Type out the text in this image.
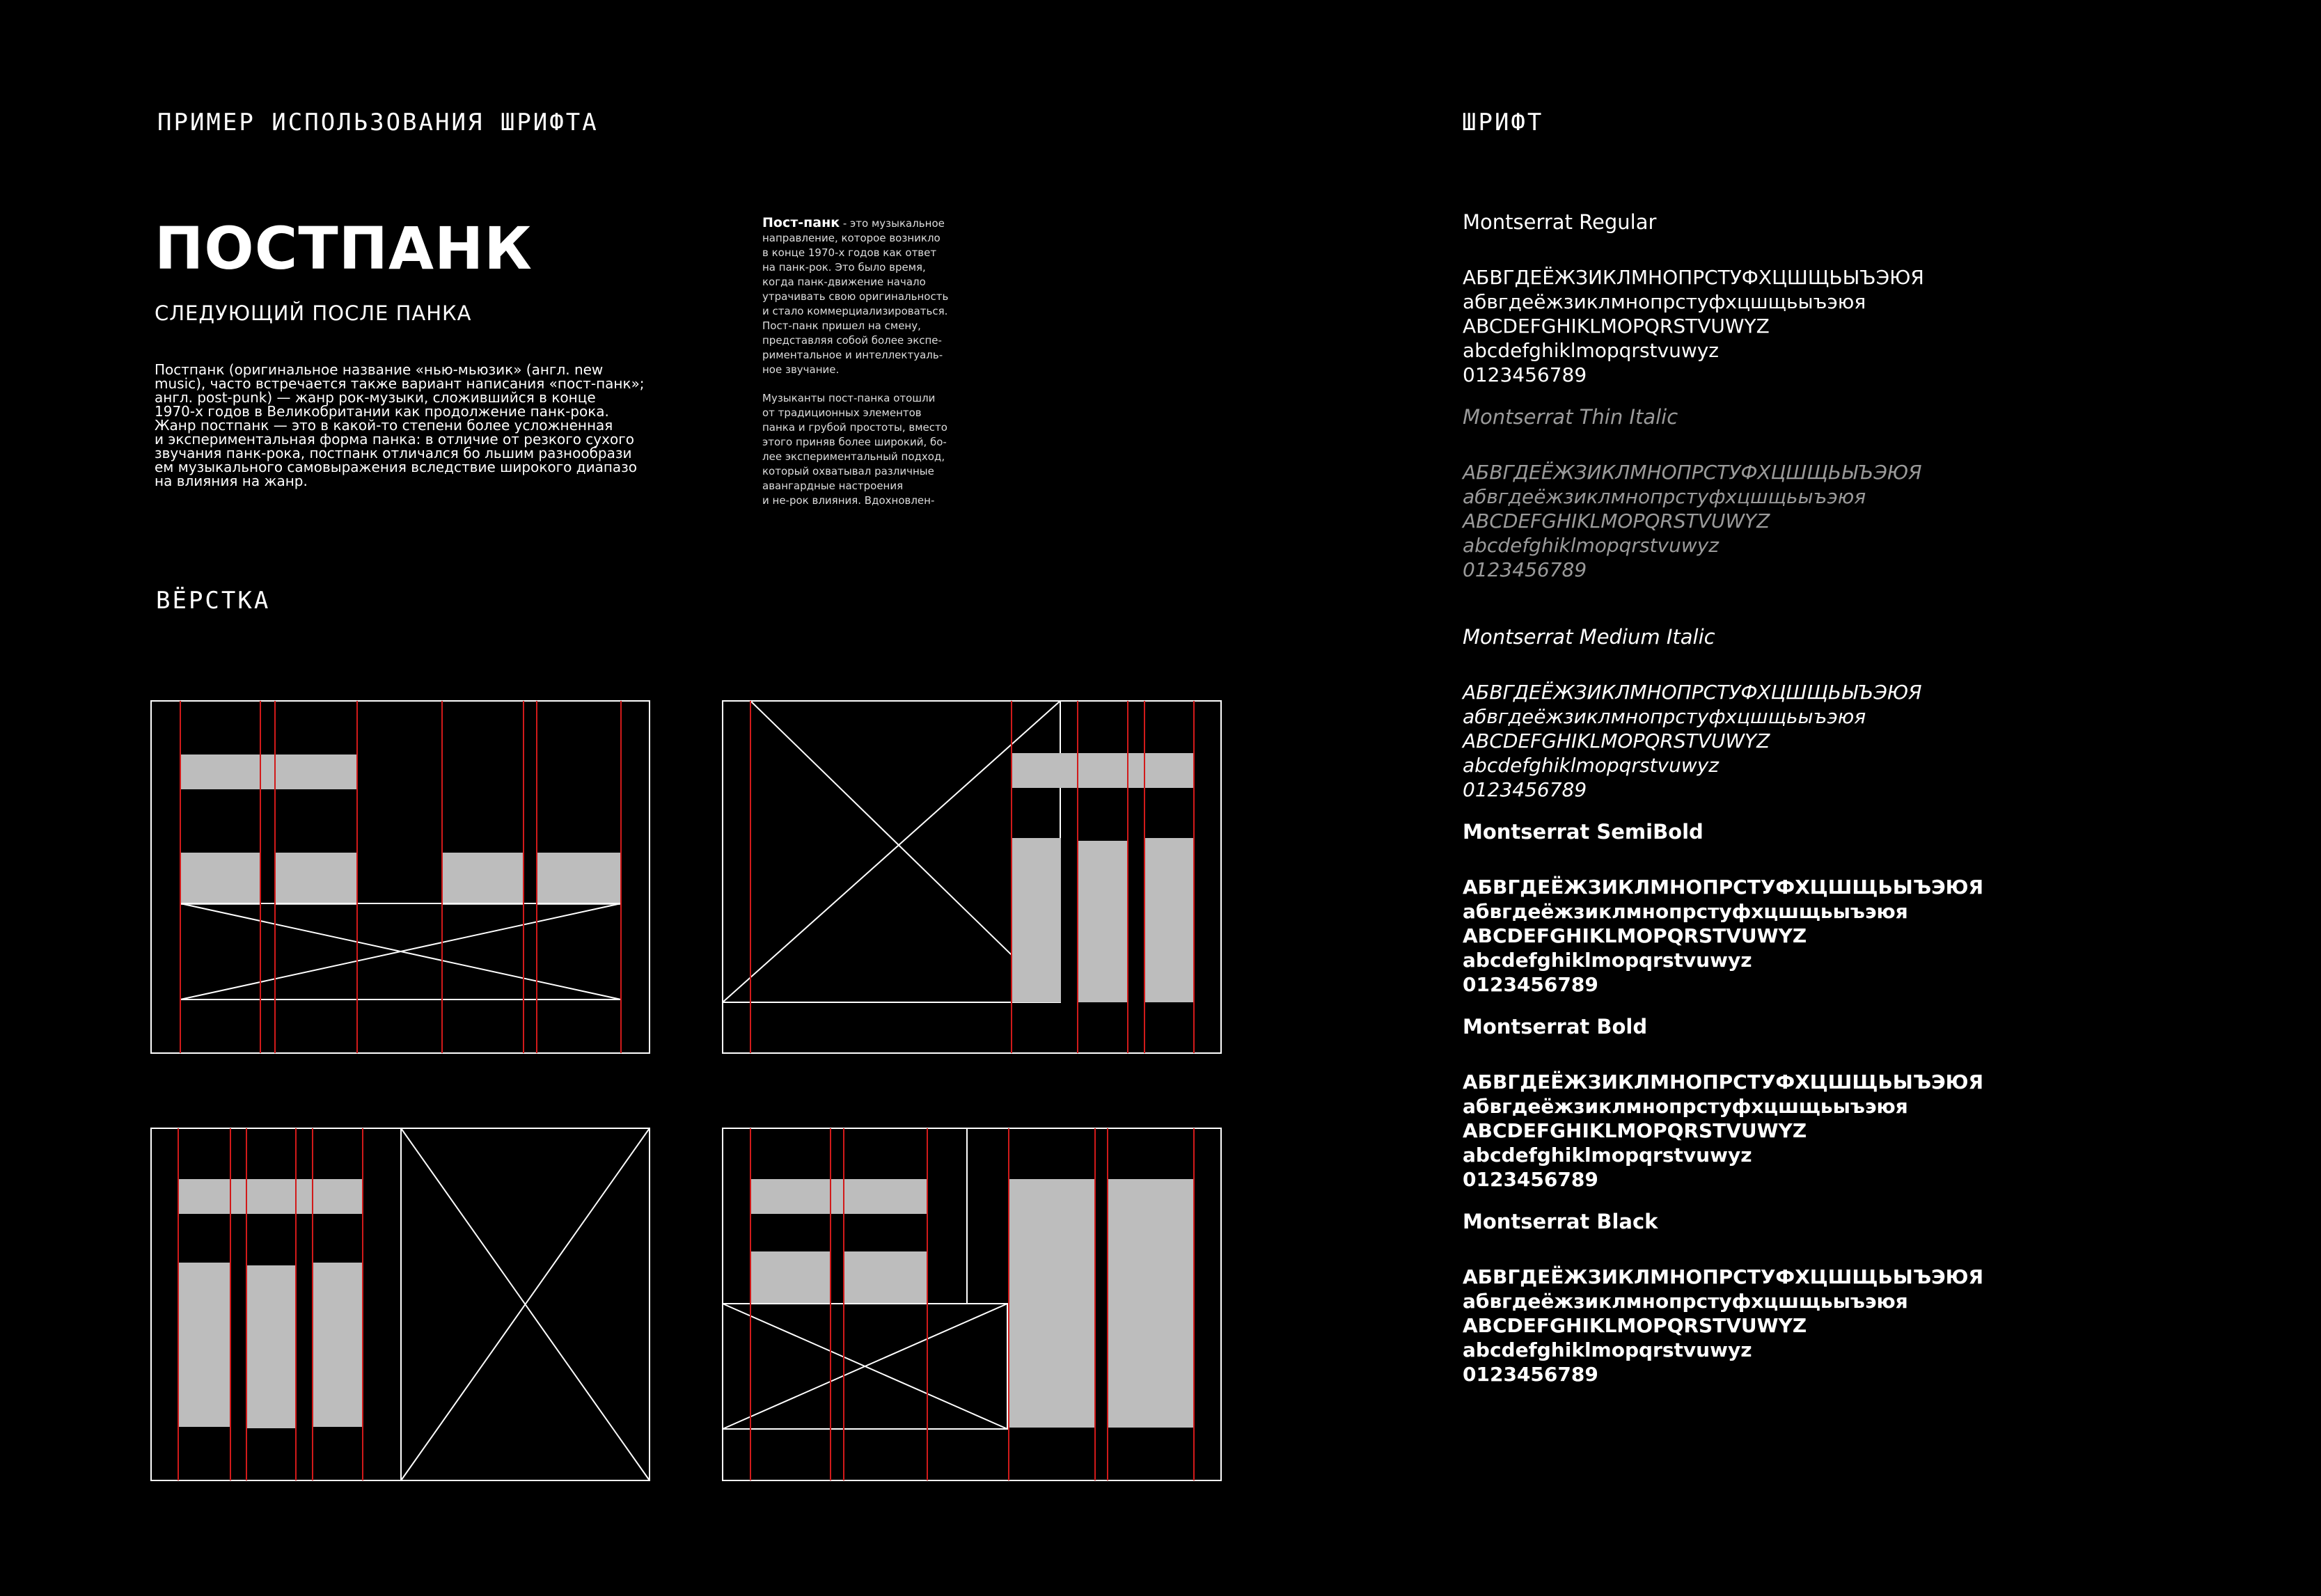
ПРИМЕР ИСПОЛЬЗОВАНИЯ ШРИФТА	ШРИФТ
ВЁРСТКА
ПОСТПАНК
СЛЕДУЮЩИЙ ПОСЛЕ ПАНКА
Постпанк (оригинальное название «нью-мьюзик» (англ. new
music), часто встречается также вариант написания «пост-панк»;
англ. post-punk) — жанр рок-музыки, сложившийся в конце
1970-х годов в Великобритании как продолжение панк-рока.
Жанр постпанк — это в какой-то степени более усложненная
и экспериментальная форма панка: в отличие от резкого сухого
звучания панк-рока, постпанк отличался бо льшим разнообрази
ем музыкального самовыражения вследствие широкого диапазо
на влияния на жанр.
Пост-панк - это музыкальное
направление, которое возникло
в конце 1970-х годов как ответ
на панк-рок. Это было время,
когда панк-движение начало
утрачивать свою оригинальность
и стало коммерциализироваться.
Пост-панк пришел на смену,
представляя собой более экспе-
риментальное и интеллектуаль-
ное звучание.
Музыканты пост-панка отошли
от традиционных элементов
панка и грубой простоты, вместо
этого приняв более широкий, бо-
лее экспериментальный подход,
который охватывал различные
авангардные настроения
и не-рок влияния. Вдохновлен-
Montserrat Regular
АБВГДЕЁЖЗИКЛМНОПРСТУФХЦШЩЬЫЪЭЮЯ
абвгдеёжзиклмнопрстуфхцшщьыъэюя
ABCDEFGHIKLMOPQRSTVUWYZ
abcdefghiklmopqrstvuwyz
0123456789
Montserrat Thin Italic
АБВГДЕЁЖЗИКЛМНОПРСТУФХЦШЩЬЫЪЭЮЯ
абвгдеёжзиклмнопрстуфхцшщьыъэюя
ABCDEFGHIKLMOPQRSTVUWYZ
abcdefghiklmopqrstvuwyz
0123456789
Montserrat Medium Italic
АБВГДЕЁЖЗИКЛМНОПРСТУФХЦШЩЬЫЪЭЮЯ
абвгдеёжзиклмнопрстуфхцшщьыъэюя
ABCDEFGHIKLMOPQRSTVUWYZ
abcdefghiklmopqrstvuwyz
0123456789
Montserrat SemiBold
АБВГДЕЁЖЗИКЛМНОПРСТУФХЦШЩЬЫЪЭЮЯ
абвгдеёжзиклмнопрстуфхцшщьыъэюя
ABCDEFGHIKLMOPQRSTVUWYZ
abcdefghiklmopqrstvuwyz
0123456789
Montserrat Bold
АБВГДЕЁЖЗИКЛМНОПРСТУФХЦШЩЬЫЪЭЮЯ
абвгдеёжзиклмнопрстуфхцшщьыъэюя
ABCDEFGHIKLMOPQRSTVUWYZ
abcdefghiklmopqrstvuwyz
0123456789
Montserrat Black
АБВГДЕЁЖЗИКЛМНОПРСТУФХЦШЩЬЫЪЭЮЯ
абвгдеёжзиклмнопрстуфхцшщьыъэюя
ABCDEFGHIKLMOPQRSTVUWYZ
abcdefghiklmopqrstvuwyz
0123456789
